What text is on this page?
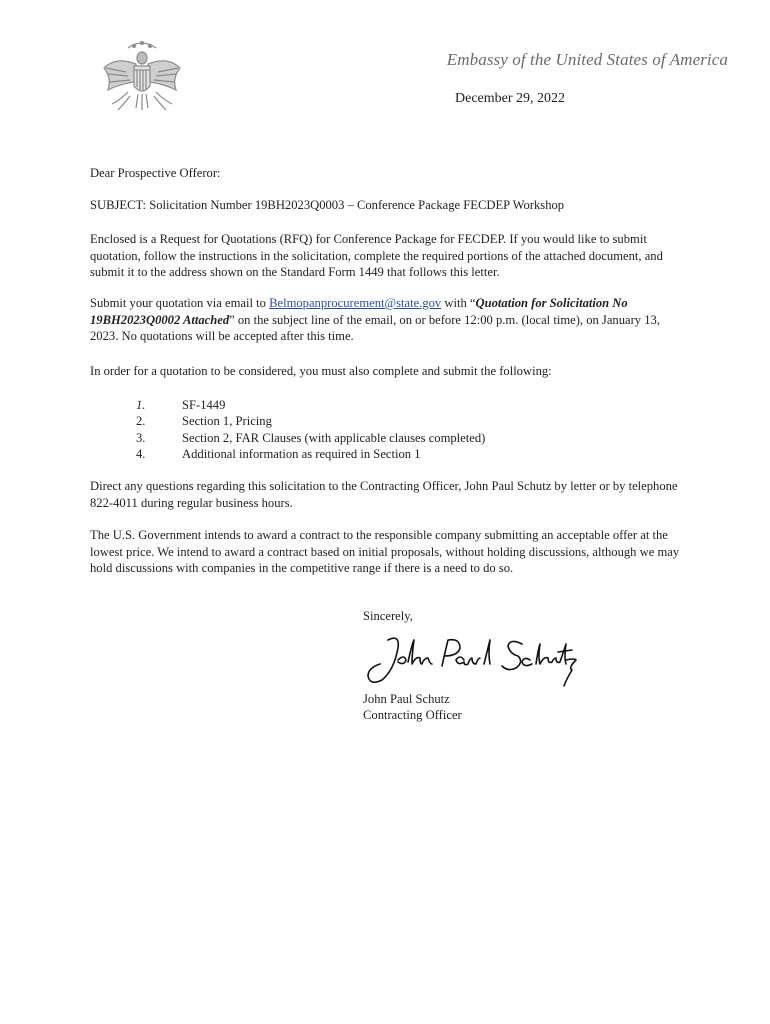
Embassy of the United States of America
December 29, 2022
Dear Prospective Offeror:
SUBJECT: Solicitation Number 19BH2023Q0003 – Conference Package FECDEP Workshop
Enclosed is a Request for Quotations (RFQ) for Conference Package for FECDEP. If you would like to submit quotation, follow the instructions in the solicitation, complete the required portions of the attached document, and submit it to the address shown on the Standard Form 1449 that follows this letter.
Submit your quotation via email to Belmopanprocurement@state.gov with “Quotation for Solicitation No 19BH2023Q0002 Attached” on the subject line of the email, on or before 12:00 p.m. (local time), on January 13, 2023. No quotations will be accepted after this time.
In order for a quotation to be considered, you must also complete and submit the following:
1.	SF-1449
2.	Section 1, Pricing
3.	Section 2, FAR Clauses (with applicable clauses completed)
4.	Additional information as required in Section 1
Direct any questions regarding this solicitation to the Contracting Officer, John Paul Schutz by letter or by telephone 822-4011 during regular business hours.
The U.S. Government intends to award a contract to the responsible company submitting an acceptable offer at the lowest price. We intend to award a contract based on initial proposals, without holding discussions, although we may hold discussions with companies in the competitive range if there is a need to do so.
Sincerely,
John Paul Schutz
Contracting Officer
